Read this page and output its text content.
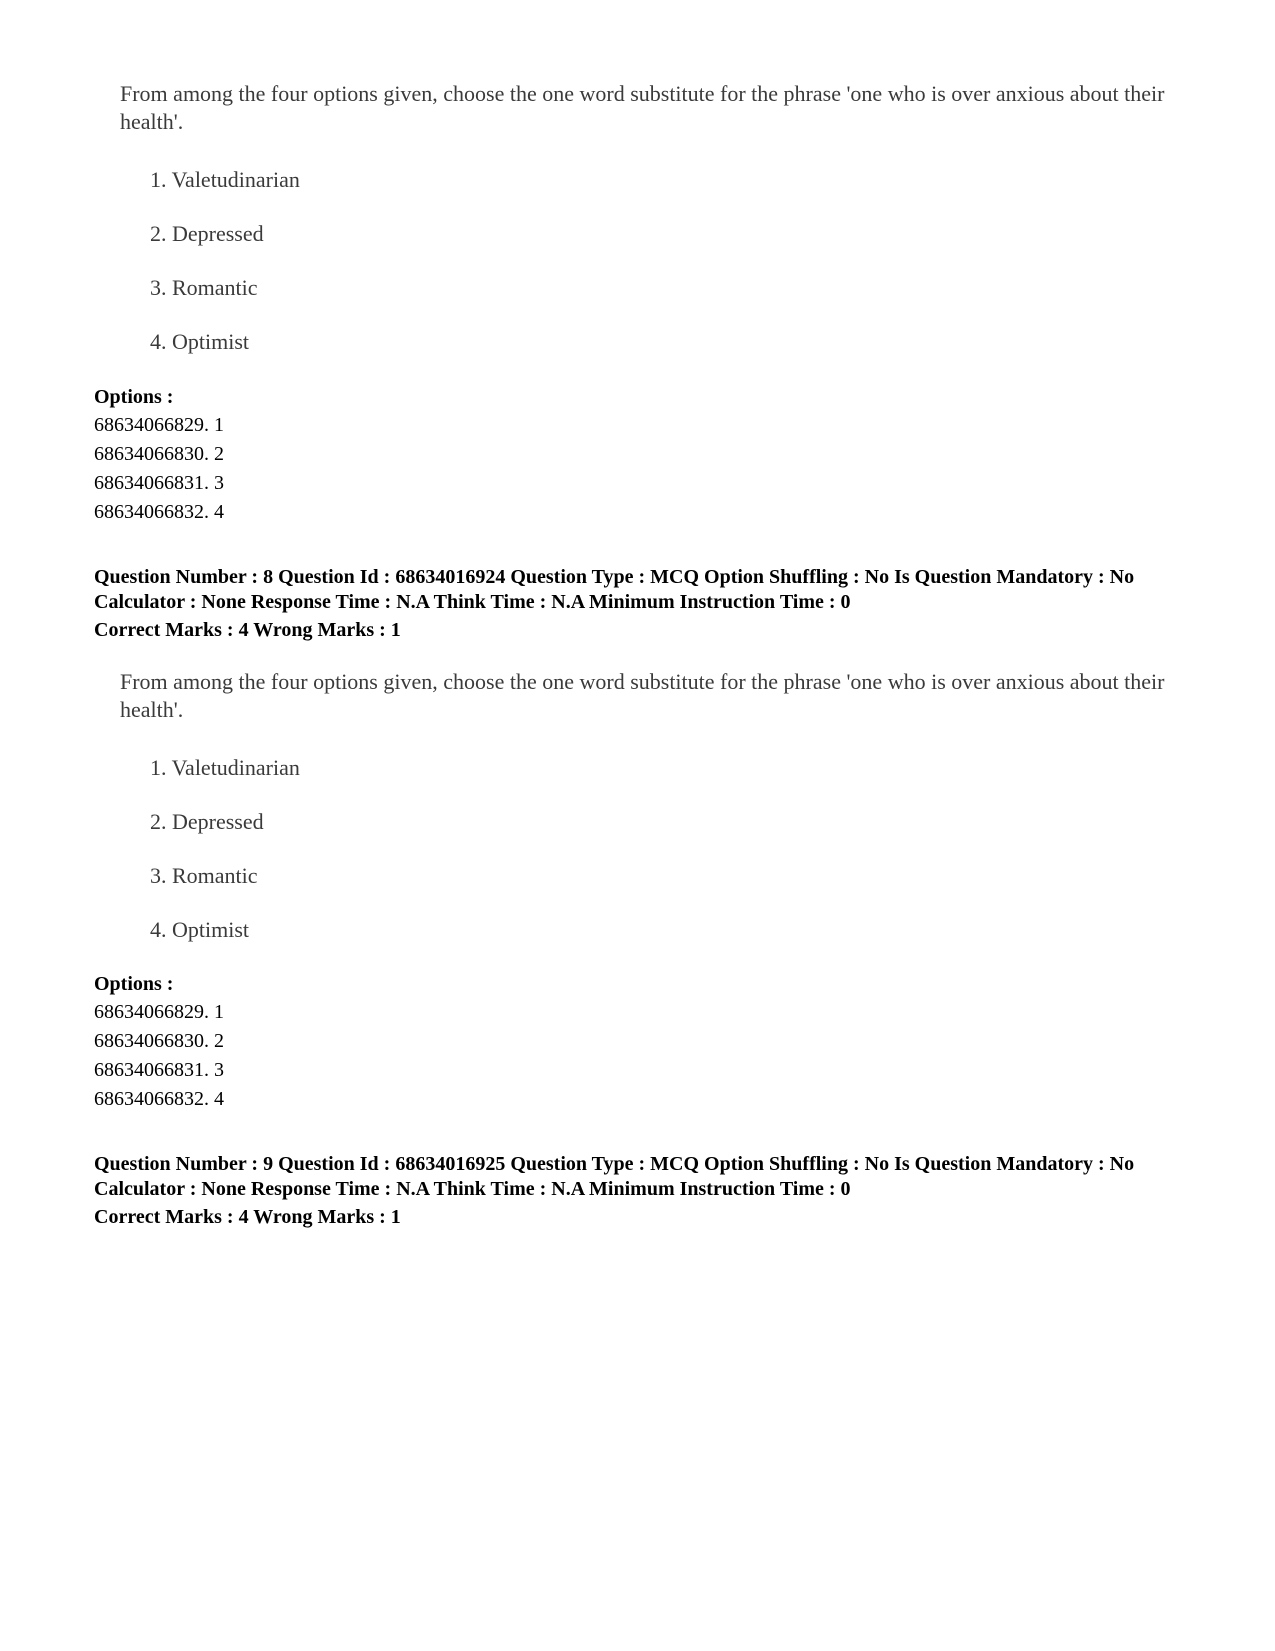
From among the four options given, choose the one word substitute for the phrase 'one who is over anxious about their health'.

1. Valetudinarian
2. Depressed
3. Romantic
4. Optimist
Options :
68634066829. 1
68634066830. 2
68634066831. 3
68634066832. 4
Question Number : 8 Question Id : 68634016924 Question Type : MCQ Option Shuffling : No Is Question Mandatory : No Calculator : None Response Time : N.A Think Time : N.A Minimum Instruction Time : 0
Correct Marks : 4 Wrong Marks : 1

From among the four options given, choose the one word substitute for the phrase 'one who is over anxious about their health'.

1. Valetudinarian
2. Depressed
3. Romantic
4. Optimist
Options :
68634066829. 1
68634066830. 2
68634066831. 3
68634066832. 4
Question Number : 9 Question Id : 68634016925 Question Type : MCQ Option Shuffling : No Is Question Mandatory : No Calculator : None Response Time : N.A Think Time : N.A Minimum Instruction Time : 0
Correct Marks : 4 Wrong Marks : 1
